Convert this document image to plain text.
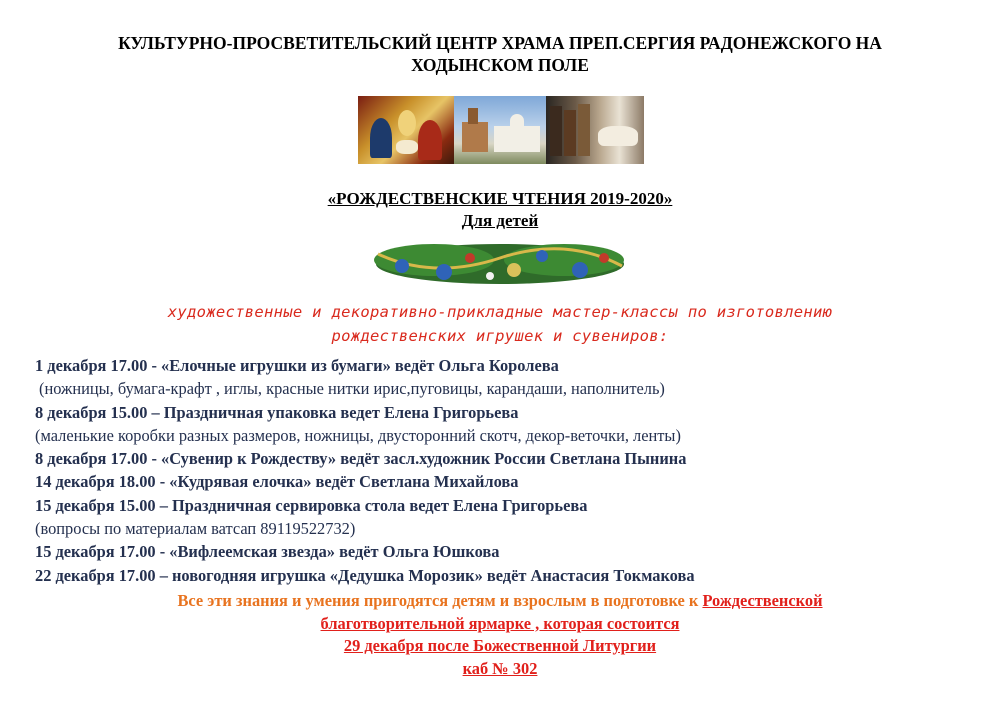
КУЛЬТУРНО-ПРОСВЕТИТЕЛЬСКИЙ ЦЕНТР ХРАМА ПРЕП.СЕРГИЯ РАДОНЕЖСКОГО НА
ХОДЫНСКОМ ПОЛЕ
«РОЖДЕСТВЕНСКИЕ ЧТЕНИЯ 2019-2020»
Для детей
художественные и декоративно-прикладные мастер-классы по изготовлению
рождественских игрушек и сувениров:
1 декабря 17.00 - «Елочные игрушки из бумаги» ведёт Ольга Королева
(ножницы, бумага-крафт , иглы, красные нитки ирис,пуговицы, карандаши, наполнитель)
8 декабря 15.00 – Праздничная упаковка ведет Елена Григорьева
(маленькие коробки разных размеров, ножницы, двусторонний скотч, декор-веточки, ленты)
8 декабря 17.00 - «Сувенир к Рождеству» ведёт засл.художник России Светлана Пынина
14 декабря 18.00 - «Кудрявая елочка» ведёт Светлана Михайлова
15 декабря 15.00 – Праздничная сервировка стола ведет Елена Григорьева
(вопросы по материалам ватсап 89119522732)
15 декабря 17.00 - «Вифлеемская звезда» ведёт Ольга Юшкова
22 декабря 17.00 – новогодняя игрушка «Дедушка Морозик» ведёт Анастасия Токмакова
Все эти знания и умения пригодятся детям и взрослым в подготовке к Рождественской
благотворительной ярмарке , которая состоится
29 декабря после Божественной Литургии
каб № 302
